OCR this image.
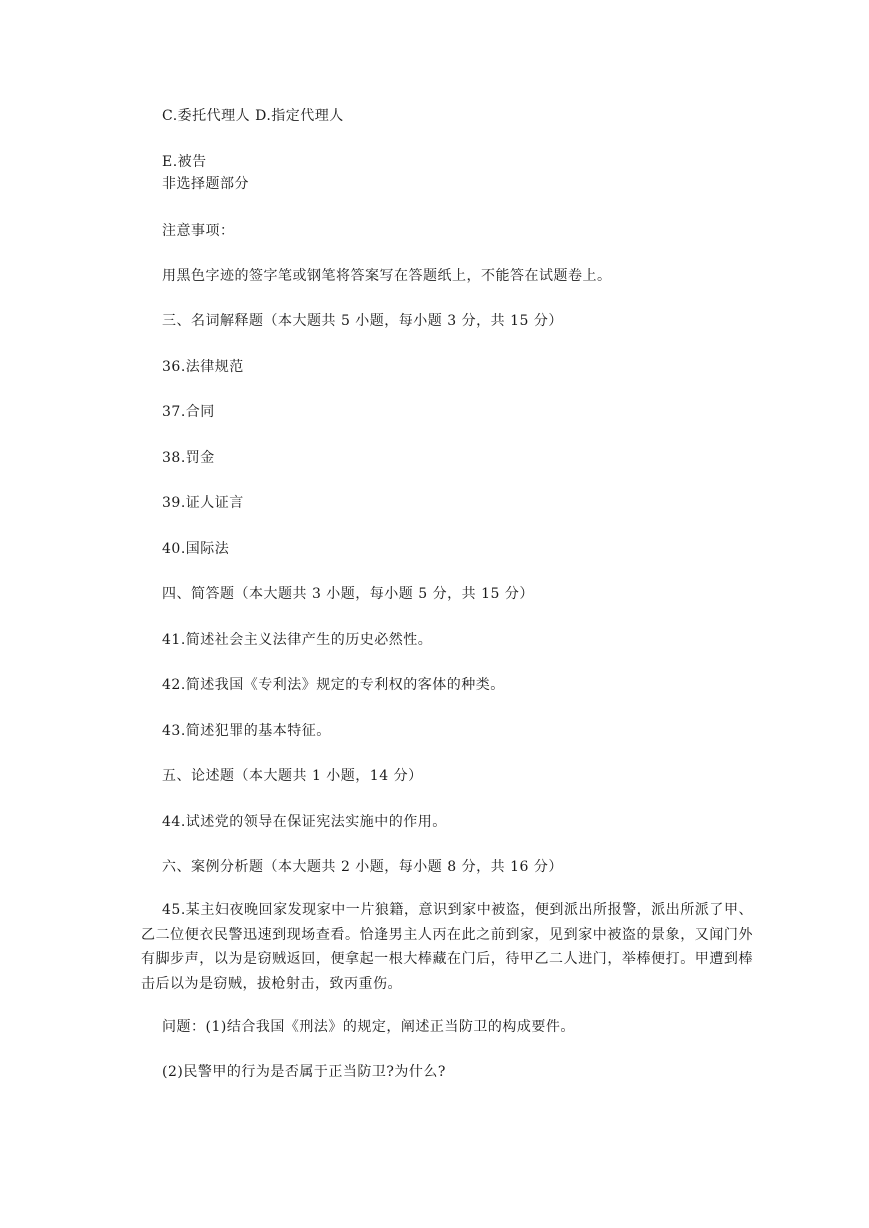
C.委托代理人 D.指定代理人
E.被告
非选择题部分
注意事项：
用黑色字迹的签字笔或钢笔将答案写在答题纸上，不能答在试题卷上。
三、名词解释题（本大题共 5 小题，每小题 3 分，共 15 分）
36.法律规范
37.合同
38.罚金
39.证人证言
40.国际法
四、简答题（本大题共 3 小题，每小题 5 分，共 15 分）
41.简述社会主义法律产生的历史必然性。
42.简述我国《专利法》规定的专利权的客体的种类。
43.简述犯罪的基本特征。
五、论述题（本大题共 1 小题，14 分）
44.试述党的领导在保证宪法实施中的作用。
六、案例分析题（本大题共 2 小题，每小题 8 分，共 16 分）
45.某主妇夜晚回家发现家中一片狼籍，意识到家中被盗，便到派出所报警，派出所派了甲、乙二位便衣民警迅速到现场查看。恰逢男主人丙在此之前到家，见到家中被盗的景象，又闻门外有脚步声，以为是窃贼返回，便拿起一根大棒藏在门后，待甲乙二人进门，举棒便打。甲遭到棒击后以为是窃贼，拔枪射击，致丙重伤。
问题：(1)结合我国《刑法》的规定，阐述正当防卫的构成要件。
(2)民警甲的行为是否属于正当防卫?为什么?
